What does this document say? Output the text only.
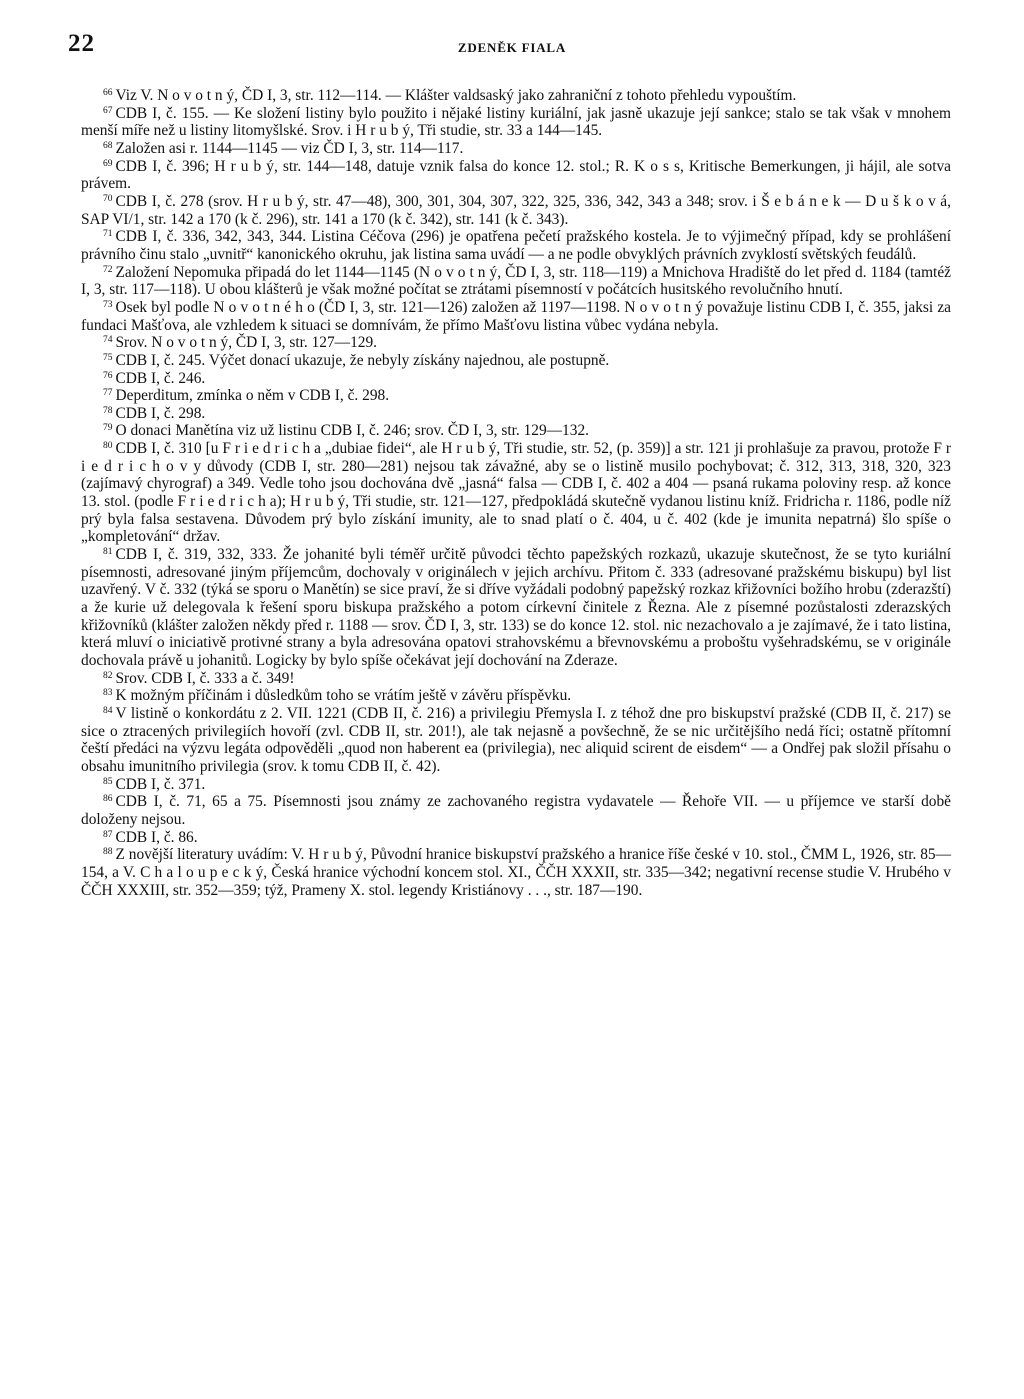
22	ZDENĚK FIALA

$^{66}$ Viz V. N o v o t n ý, ČD I, 3, str. 112—114. — Klášter valdsaský jako zahraniční z tohoto přehledu vypouštím.

$^{67}$ CDB I, č. 155. — Ke složení listiny bylo použito i nějaké listiny kuriální, jak jasně ukazuje její sankce; stalo se tak však v mnohem menší míře než u listiny litomyšlské. Srov. i H r u b ý, Tři studie, str. 33 a 144—145.

$^{68}$ Založen asi r. 1144—1145 — viz ČD I, 3, str. 114—117.

$^{69}$ CDB I, č. 396; H r u b ý, str. 144—148, datuje vznik falsa do konce 12. stol.; R. K o s s, Kritische Bemerkungen, ji hájil, ale sotva právem.

$^{70}$ CDB I, č. 278 (srov. H r u b ý, str. 47—48), 300, 301, 304, 307, 322, 325, 336, 342, 343 a 348; srov. i Š e b á n e k — D u š k o v á, SAP VI/1, str. 142 a 170 (k č. 296), str. 141 a 170 (k č. 342), str. 141 (k č. 343).

$^{71}$ CDB I, č. 336, 342, 343, 344. Listina Céčova (296) je opatřena pečetí pražského kostela. Je to výjimečný případ, kdy se prohlášení právního činu stalo „uvnitř“ kanonického okruhu, jak listina sama uvádí — a ne podle obvyklých právních zvyklostí světských feudálů.

$^{72}$ Založení Nepomuka připadá do let 1144—1145 (N o v o t n ý, ČD I, 3, str. 118—119) a Mnichova Hradiště do let před d. 1184 (tamtéž I, 3, str. 117—118). U obou klášterů je však možné počítat se ztrátami písemností v počátcích husitského revolučního hnutí.

$^{73}$ Osek byl podle N o v o t n é h o (ČD I, 3, str. 121—126) založen až 1197—1198. N o v o t n ý považuje listinu CDB I, č. 355, jaksi za fundaci Mašťova, ale vzhledem k situaci se domnívám, že přímo Mašťovu listina vůbec vydána nebyla.

$^{74}$ Srov. N o v o t n ý, ČD I, 3, str. 127—129.

$^{75}$ CDB I, č. 245. Výčet donací ukazuje, že nebyly získány najednou, ale postupně.

$^{76}$ CDB I, č. 246.

$^{77}$ Deperditum, zmínka o něm v CDB I, č. 298.

$^{78}$ CDB I, č. 298.

$^{79}$ O donaci Manětína viz už listinu CDB I, č. 246; srov. ČD I, 3, str. 129—132.

$^{80}$ CDB I, č. 310 [u F r i e d r i c h a „dubiae fidei“, ale H r u b ý, Tři studie, str. 52, (p. 359)] a str. 121 ji prohlašuje za pravou, protože F r i e d r i c h o v y důvody (CDB I, str. 280—281) nejsou tak závažné, aby se o listině musilo pochybovat; č. 312, 313, 318, 320, 323 (zajímavý chyrograf) a 349. Vedle toho jsou dochována dvě „jasná“ falsa — CDB I, č. 402 a 404 — psaná rukama poloviny resp. až konce 13. stol. (podle F r i e d r i c h a); H r u b ý, Tři studie, str. 121—127, předpokládá skutečně vydanou listinu kníž. Fridricha r. 1186, podle níž prý byla falsa sestavena. Důvodem prý bylo získání imunity, ale to snad platí o č. 404, u č. 402 (kde je imunita nepatrná) šlo spíše o „kompletování“ držav.

$^{81}$ CDB I, č. 319, 332, 333. Že johanité byli téměř určitě původci těchto papežských rozkazů, ukazuje skutečnost, že se tyto kuriální písemnosti, adresované jiným příjemcům, dochovaly v originálech v jejich archívu. Přitom č. 333 (adresované pražskému biskupu) byl list uzavřený. V č. 332 (týká se sporu o Manětín) se sice praví, že si dříve vyžádali podobný papežský rozkaz křižovníci božího hrobu (zderazští) a že kurie už delegovala k řešení sporu biskupa pražského a potom církevní činitele z Řezna. Ale z písemné pozůstalosti zderazských křižovníků (klášter založen někdy před r. 1188 — srov. ČD I, 3, str. 133) se do konce 12. stol. nic nezachovalo a je zajímavé, že i tato listina, která mluví o iniciativě protivné strany a byla adresována opatovi strahovskému a břevnovskému a proboštu vyšehradskému, se v originále dochovala právě u johanitů. Logicky by bylo spíše očekávat její dochování na Zderaze.

$^{82}$ Srov. CDB I, č. 333 a č. 349!

$^{83}$ K možným příčinám i důsledkům toho se vrátím ještě v závěru příspěvku.

$^{84}$ V listině o konkordátu z 2. VII. 1221 (CDB II, č. 216) a privilegiu Přemysla I. z téhož dne pro biskupství pražské (CDB II, č. 217) se sice o ztracených privilegiích hovoří (zvl. CDB II, str. 201!), ale tak nejasně a povšechně, že se nic určitějšího nedá říci; ostatně přítomní čeští předáci na výzvu legáta odpověděli „quod non haberent ea (privilegia), nec aliquid scirent de eisdem“ — a Ondřej pak složil přísahu o obsahu imunitního privilegia (srov. k tomu CDB II, č. 42).

$^{85}$ CDB I, č. 371.

$^{86}$ CDB I, č. 71, 65 a 75. Písemnosti jsou známy ze zachovaného registra vydavatele — Řehoře VII. — u příjemce ve starší době doloženy nejsou.

$^{87}$ CDB I, č. 86.

$^{88}$ Z novější literatury uvádím: V. H r u b ý, Původní hranice biskupství pražského a hranice říše české v 10. stol., ČMM L, 1926, str. 85—154, a V. C h a l o u p e c k ý, Česká hranice východní koncem stol. XI., ČČH XXXII, str. 335—342; negativní recense studie V. Hrubého v ČČH XXXIII, str. 352—359; týž, Prameny X. stol. legendy Kristiánovy . . ., str. 187—190.
